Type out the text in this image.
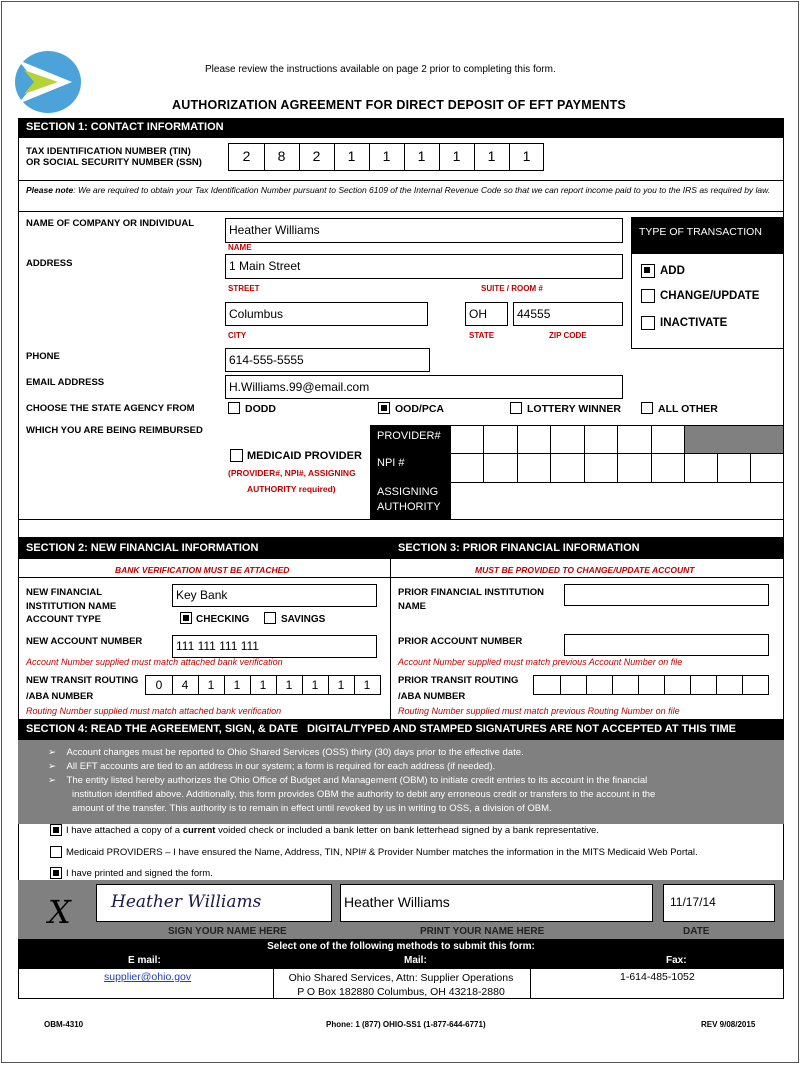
Please review the instructions available on page 2 prior to completing this form.
AUTHORIZATION AGREEMENT FOR DIRECT DEPOSIT OF EFT PAYMENTS
SECTION 1: CONTACT INFORMATION
TAX IDENTIFICATION NUMBER (TIN)
OR SOCIAL SECURITY NUMBER (SSN)	2	8	2	1	1	1	1	1	1
Please note: We are required to obtain your Tax Identification Number pursuant to Section 6109 of the Internal Revenue Code so that we can report income paid to you to the IRS as required by law.
NAME OF COMPANY OR INDIVIDUAL	Heather Williams
NAME
TYPE OF TRANSACTION
ADD
CHANGE/UPDATE
INACTIVATE
ADDRESS	1 Main Street
STREET	SUITE / ROOM #
Columbus	OH	44555
CITY	STATE	ZIP CODE
PHONE	614-555-5555
EMAIL ADDRESS	H.Williams.99@email.com
CHOOSE THE STATE AGENCY FROM
WHICH YOU ARE BEING REIMBURSED
DODD	OOD/PCA	LOTTERY WINNER	ALL OTHER
MEDICAID PROVIDER
(PROVIDER#, NPI#, ASSIGNING
AUTHORITY required)
PROVIDER#
NPI #
ASSIGNING
AUTHORITY
SECTION 2: NEW FINANCIAL INFORMATION	SECTION 3: PRIOR FINANCIAL INFORMATION
BANK VERIFICATION MUST BE ATTACHED	MUST BE PROVIDED TO CHANGE/UPDATE ACCOUNT
NEW FINANCIAL
INSTITUTION NAME
Key Bank
ACCOUNT TYPE	CHECKING	SAVINGS
NEW ACCOUNT NUMBER	111 111 111 111
Account Number supplied must match attached bank verification
NEW TRANSIT ROUTING
/ABA NUMBER
0	4	1	1	1	1	1	1	1
Routing Number supplied must match attached bank verification
PRIOR FINANCIAL INSTITUTION
NAME
PRIOR ACCOUNT NUMBER
Account Number supplied must match previous Account Number on file
PRIOR TRANSIT ROUTING
/ABA NUMBER
Routing Number supplied must match previous Routing Number on file
SECTION 4: READ THE AGREEMENT, SIGN, & DATE DIGITAL/TYPED AND STAMPED SIGNATURES ARE NOT ACCEPTED AT THIS TIME
➢    Account changes must be reported to Ohio Shared Services (OSS) thirty (30) days prior to the effective date.
➢    All EFT accounts are tied to an address in our system; a form is required for each address (if needed).
➢    The entity listed hereby authorizes the Ohio Office of Budget and Management (OBM) to initiate credit entries to its account in the financial
institution identified above. Additionally, this form provides OBM the authority to debit any erroneous credit or transfers to the account in the
amount of the transfer. This authority is to remain in effect until revoked by us in writing to OSS, a division of OBM.
I have attached a copy of a current voided check or included a bank letter on bank letterhead signed by a bank representative.
Medicaid PROVIDERS – I have ensured the Name, Address, TIN, NPI# & Provider Number matches the information in the MITS Medicaid Web Portal.
I have printed and signed the form.
X	Heather Williams	Heather Williams	11/17/14
SIGN YOUR NAME HERE	PRINT YOUR NAME HERE	DATE
Select one of the following methods to submit this form:
E mail:	Mail:	Fax:
supplier@ohio.gov	Ohio Shared Services, Attn: Supplier Operations
P O Box 182880 Columbus, OH 43218-2880
1-614-485-1052
OBM-4310	Phone: 1 (877) OHIO-SS1 (1-877-644-6771)	REV 9/08/2015
